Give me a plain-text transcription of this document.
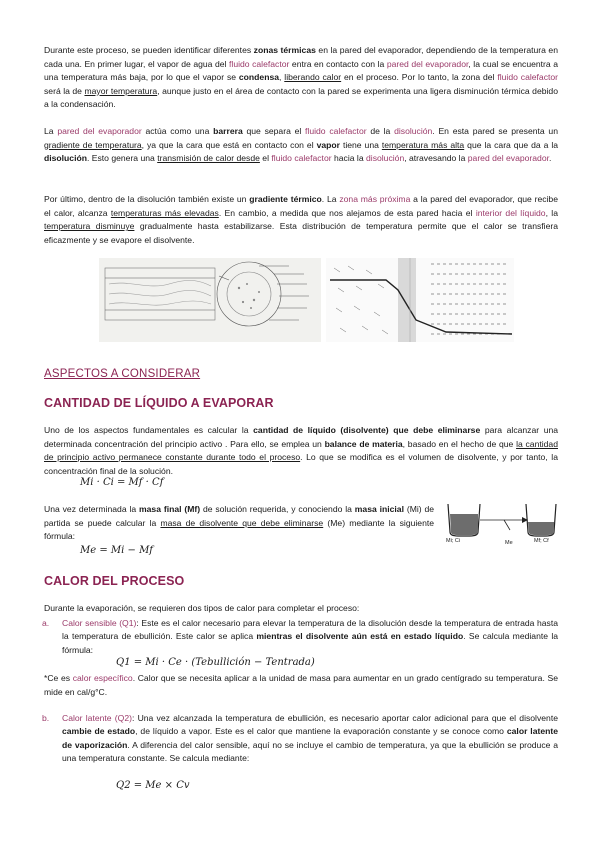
Durante este proceso, se pueden identificar diferentes zonas térmicas en la pared del evaporador, dependiendo de la temperatura en cada una. En primer lugar, el vapor de agua del fluido calefactor entra en contacto con la pared del evaporador, la cual se encuentra a una temperatura más baja, por lo que el vapor se condensa, liberando calor en el proceso. Por lo tanto, la zona del fluido calefactor será la de mayor temperatura, aunque justo en el área de contacto con la pared se experimenta una ligera disminución térmica debido a la condensación.

La pared del evaporador actúa como una barrera que separa el fluido calefactor de la disolución. En esta pared se presenta un gradiente de temperatura, ya que la cara que está en contacto con el vapor tiene una temperatura más alta que la cara que da a la disolución. Esto genera una transmisión de calor desde el fluido calefactor hacia la disolución, atravesando la pared del evaporador.

Por último, dentro de la disolución también existe un gradiente térmico. La zona más próxima a la pared del evaporador, que recibe el calor, alcanza temperaturas más elevadas. En cambio, a medida que nos alejamos de esta pared hacia el interior del líquido, la temperatura disminuye gradualmente hasta estabilizarse. Esta distribución de temperatura permite que el calor se transfiera eficazmente y se evapore el disolvente.

ASPECTOS A CONSIDERAR
CANTIDAD DE LÍQUIDO A EVAPORAR

Uno de los aspectos fundamentales es calcular la cantidad de líquido (disolvente) que debe eliminarse para alcanzar una determinada concentración del principio activo . Para ello, se emplea un balance de materia, basado en el hecho de que la cantidad de principio activo permanece constante durante todo el proceso. Lo que se modifica es el volumen de disolvente, y por tanto, la concentración final de la solución.

Mi · Ci = Mf · Cf

Una vez determinada la masa final (Mf) de solución requerida, y conociendo la masa inicial (Mi) de partida se puede calcular la masa de disolvente que debe eliminarse (Me) mediante la siguiente fórmula:

Me = Mi − Mf
Mi; Ci	Me	Mf; Cf
CALOR DEL PROCESO

Durante la evaporación, se requieren dos tipos de calor para completar el proceso:

a. Calor sensible (Q1): Este es el calor necesario para elevar la temperatura de la disolución desde la temperatura de entrada hasta la temperatura de ebullición. Este calor se aplica mientras el disolvente aún está en estado líquido. Se calcula mediante la fórmula:
Q1 = Mi · Ce · (Tebullición − Tentrada)

*Ce es calor específico. Calor que se necesita aplicar a la unidad de masa para aumentar en un grado centígrado su temperatura. Se mide en cal/g°C.

b. Calor latente (Q2): Una vez alcanzada la temperatura de ebullición, es necesario aportar calor adicional para que el disolvente cambie de estado, de líquido a vapor. Este es el calor que mantiene la evaporación constante y se conoce como calor latente de vaporización. A diferencia del calor sensible, aquí no se incluye el cambio de temperatura, ya que la ebullición se produce a una temperatura constante. Se calcula mediante:
Q2 = Me × Cv
